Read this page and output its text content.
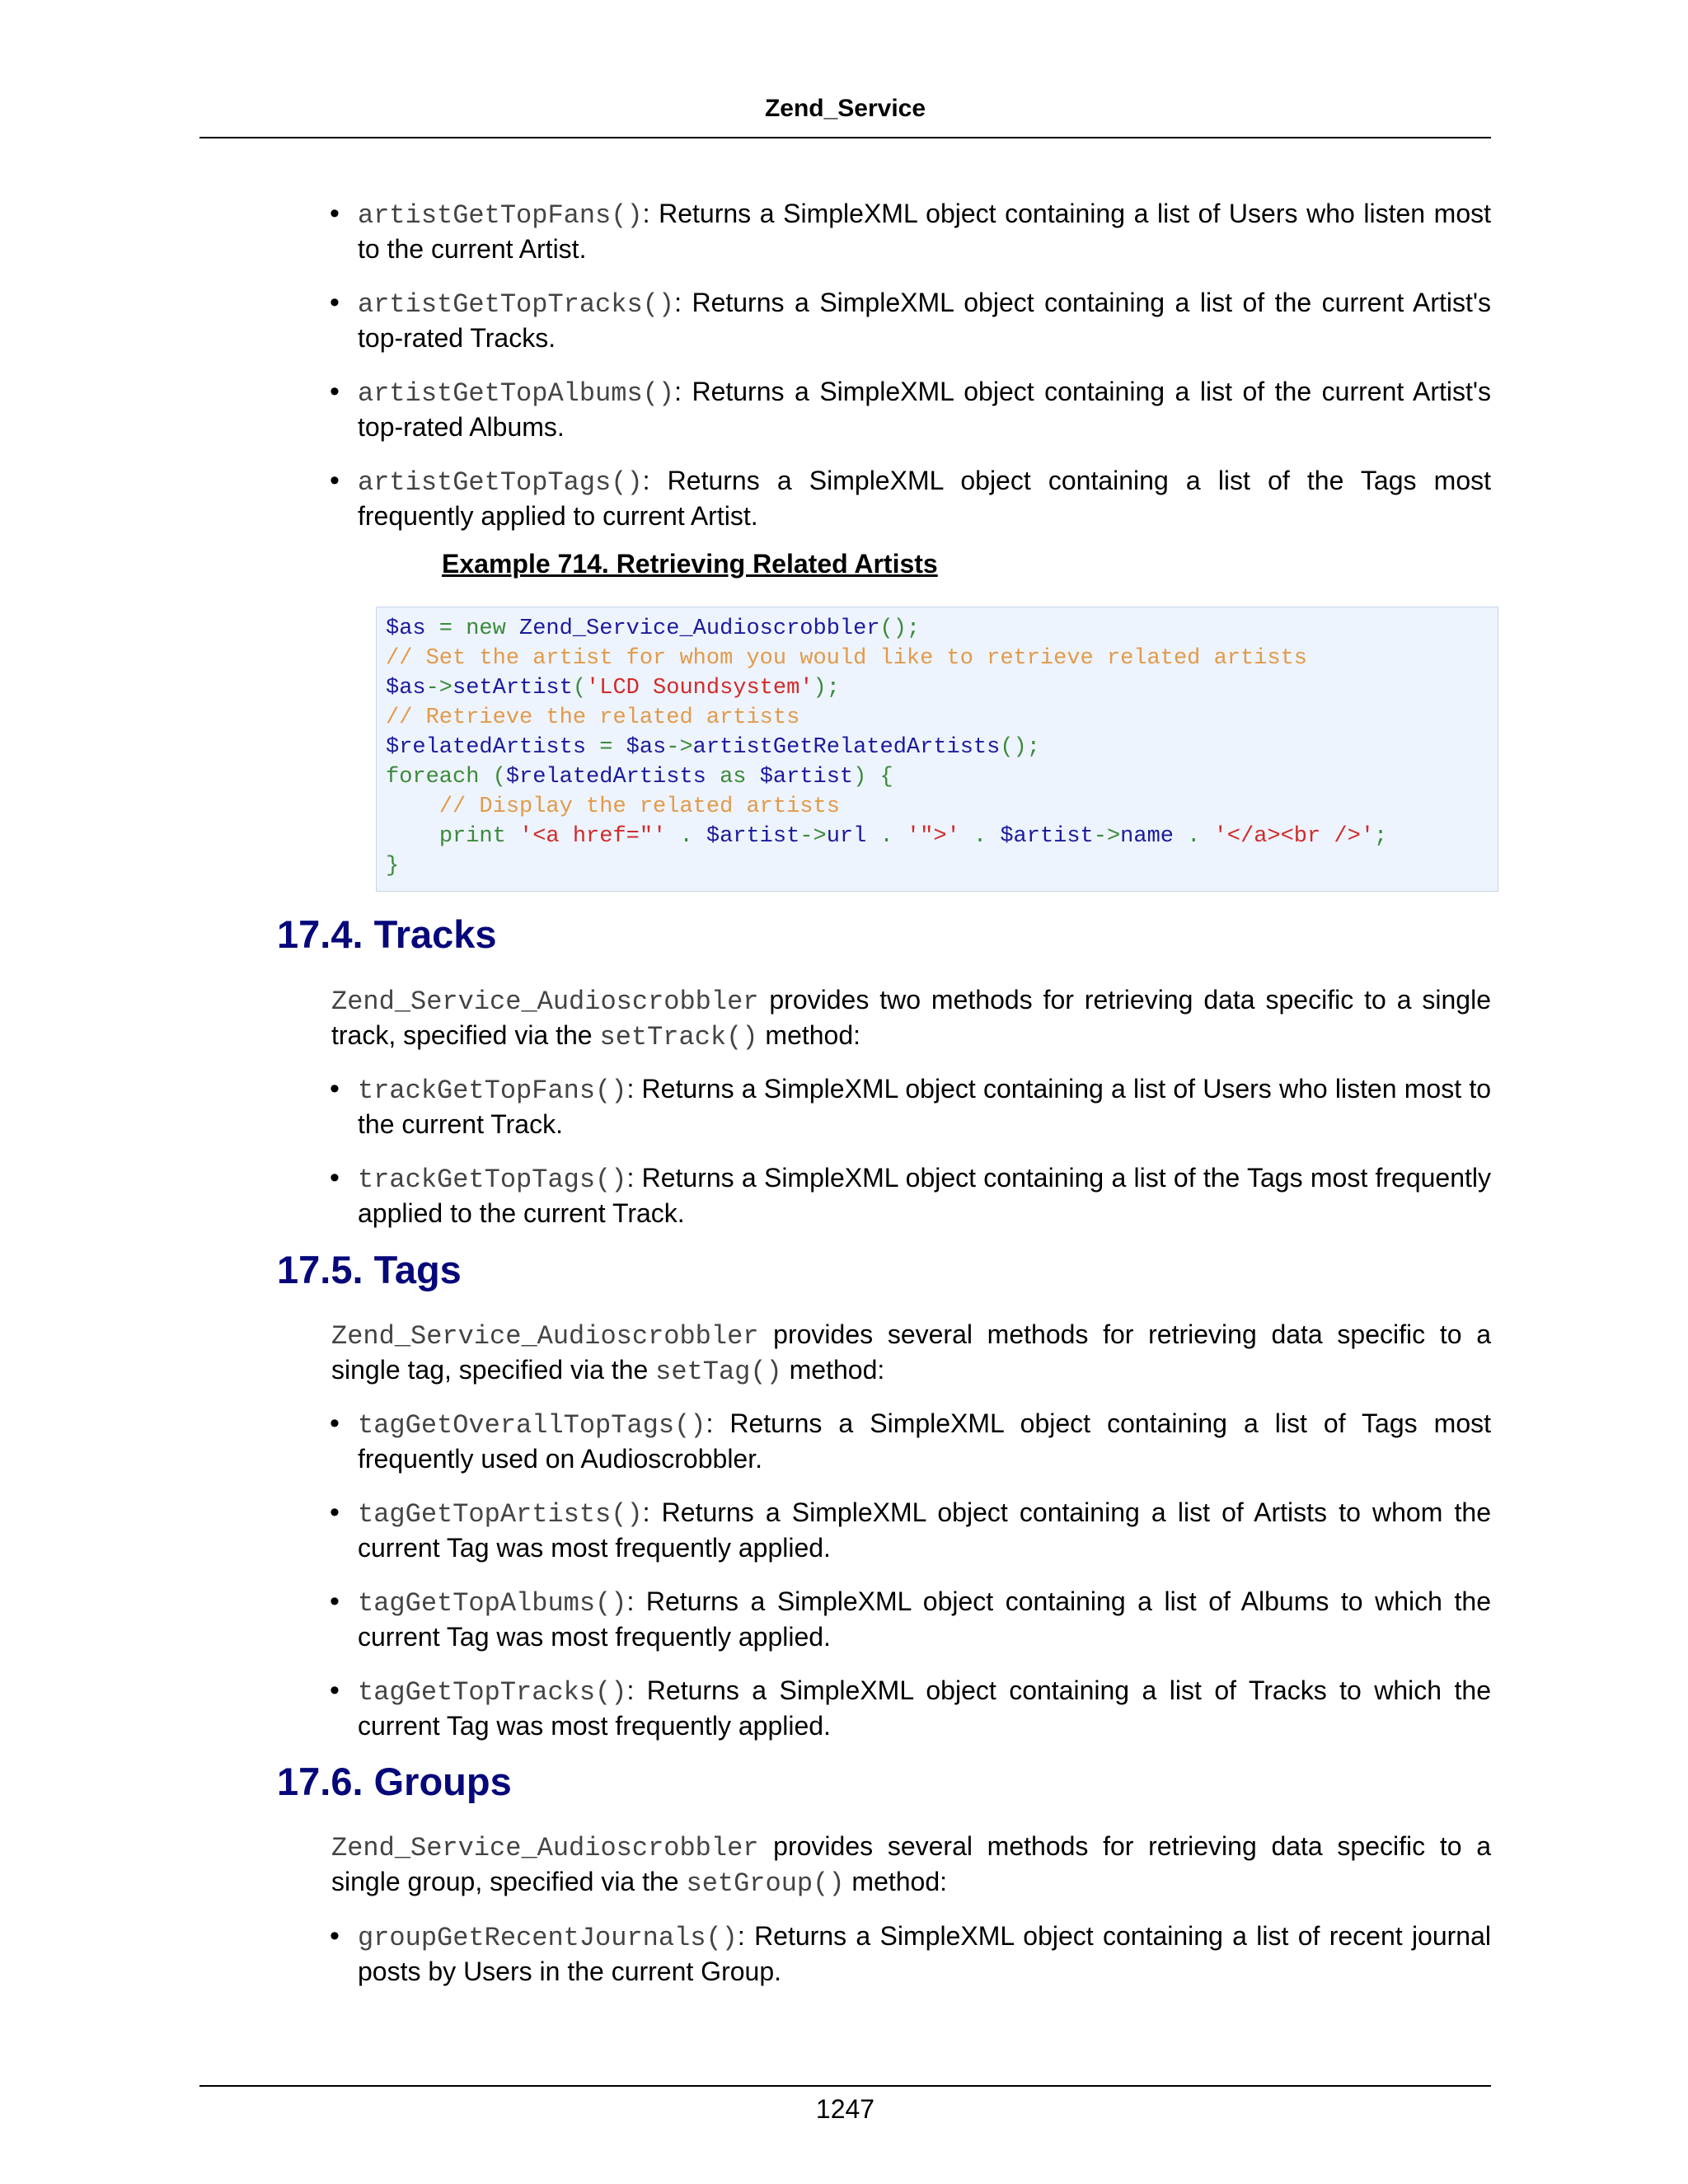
Zend_Service
• artistGetTopFans(): Returns a SimpleXML object containing a list of Users who listen most to the current Artist.
• artistGetTopTracks(): Returns a SimpleXML object containing a list of the current Artist's top-rated Tracks.
• artistGetTopAlbums(): Returns a SimpleXML object containing a list of the current Artist's top-rated Albums.
• artistGetTopTags(): Returns a SimpleXML object containing a list of the Tags most frequently applied to current Artist.
Example 714. Retrieving Related Artists
$as = new Zend_Service_Audioscrobbler();
// Set the artist for whom you would like to retrieve related artists
$as->setArtist('LCD Soundsystem');
// Retrieve the related artists
$relatedArtists = $as->artistGetRelatedArtists();
foreach ($relatedArtists as $artist) {
// Display the related artists
print '<a href="' . $artist->url . '">' . $artist->name . '</a><br />';
}
17.4. Tracks
Zend_Service_Audioscrobbler provides two methods for retrieving data specific to a single track, specified via the setTrack() method:
• trackGetTopFans(): Returns a SimpleXML object containing a list of Users who listen most to the current Track.
• trackGetTopTags(): Returns a SimpleXML object containing a list of the Tags most frequently applied to the current Track.
17.5. Tags
Zend_Service_Audioscrobbler provides several methods for retrieving data specific to a single tag, specified via the setTag() method:
• tagGetOverallTopTags(): Returns a SimpleXML object containing a list of Tags most frequently used on Audioscrobbler.
• tagGetTopArtists(): Returns a SimpleXML object containing a list of Artists to whom the current Tag was most frequently applied.
• tagGetTopAlbums(): Returns a SimpleXML object containing a list of Albums to which the current Tag was most frequently applied.
• tagGetTopTracks(): Returns a SimpleXML object containing a list of Tracks to which the current Tag was most frequently applied.
17.6. Groups
Zend_Service_Audioscrobbler provides several methods for retrieving data specific to a single group, specified via the setGroup() method:
• groupGetRecentJournals(): Returns a SimpleXML object containing a list of recent journal posts by Users in the current Group.
1247
